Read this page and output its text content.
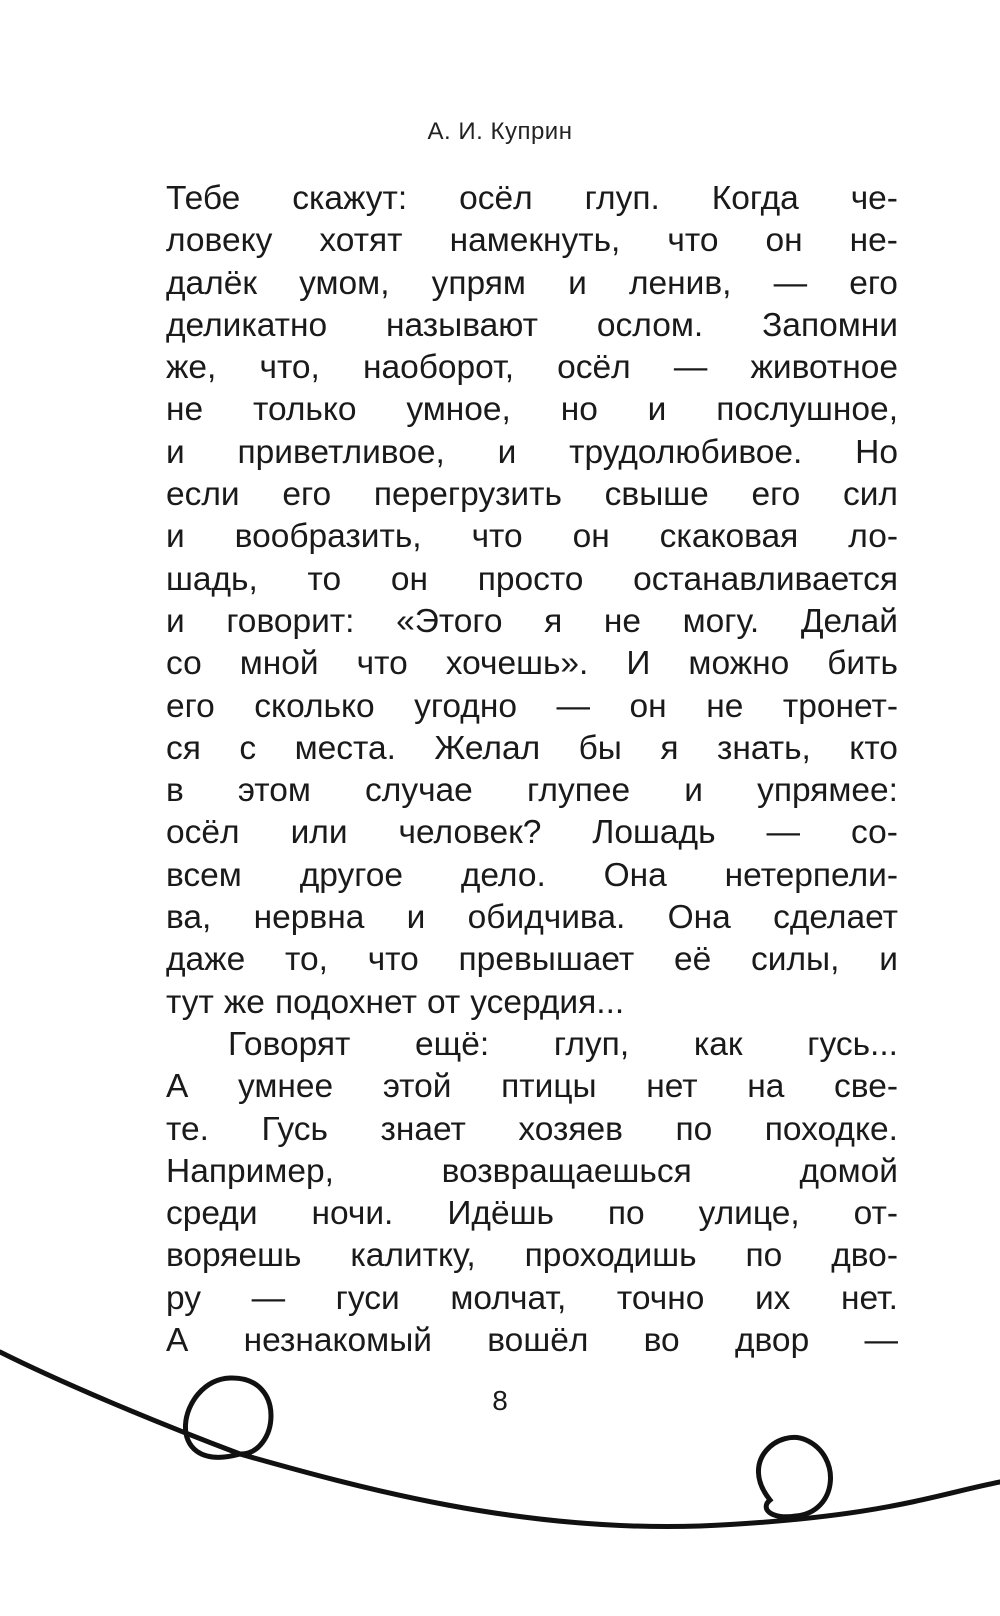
А. И. Куприн
Тебе скажут: осёл глуп. Когда че-
ловеку хотят намекнуть, что он не-
далёк умом, упрям и ленив, — его
деликатно называют ослом. Запомни
же, что, наоборот, осёл — животное
не только умное, но и послушное,
и приветливое, и трудолюбивое. Но
если его перегрузить свыше его сил
и вообразить, что он скаковая ло-
шадь, то он просто останавливается
и говорит: «Этого я не могу. Делай
со мной что хочешь». И можно бить
его сколько угодно — он не тронет-
ся с места. Желал бы я знать, кто
в этом случае глупее и упрямее:
осёл или человек? Лошадь — со-
всем другое дело. Она нетерпели-
ва, нервна и обидчива. Она сделает
даже то, что превышает её силы, и
тут же подохнет от усердия...
Говорят ещё: глуп, как гусь...
А умнее этой птицы нет на све-
те. Гусь знает хозяев по походке.
Например,	возвращаешься	домой
среди ночи. Идёшь по улице, от-
воряешь калитку, проходишь по дво-
ру — гуси молчат, точно их нет.
А незнакомый вошёл во двор —
8
